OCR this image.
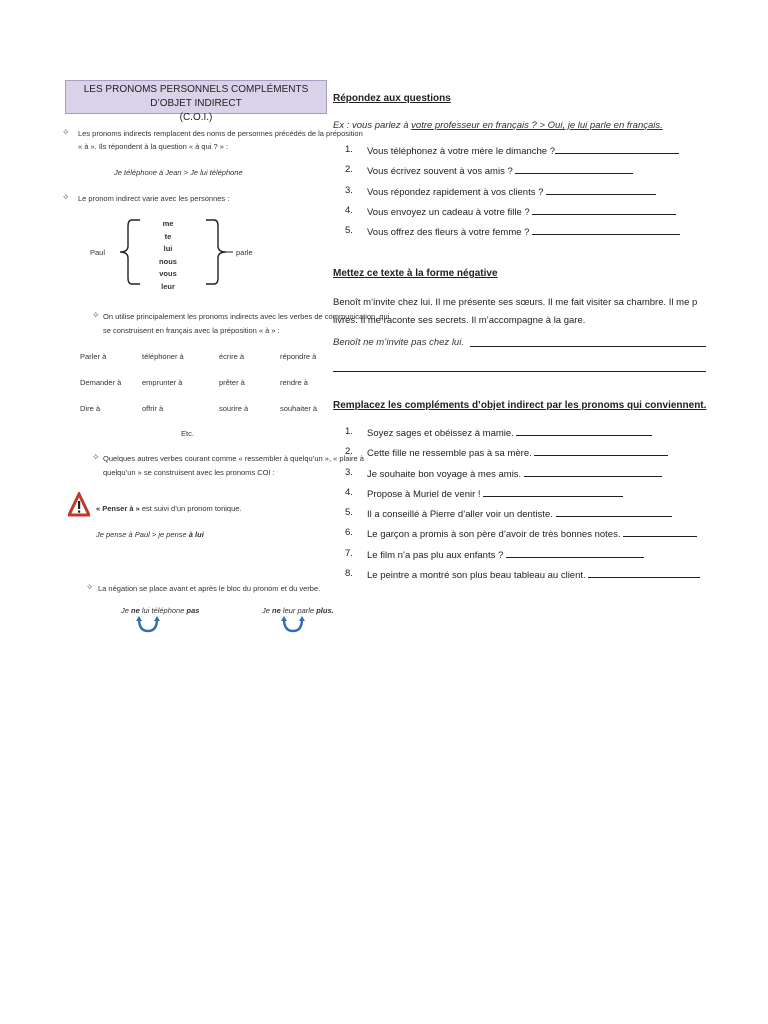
LES PRONOMS PERSONNELS COMPLÉMENTS D’OBJET INDIRECT
(C.O.I.)
✧ Les pronoms indirects remplacent des noms de personnes précédés de la préposition
« à ». Ils répondent à la question « à qui ? » :
Je téléphone à Jean > Je lui téléphone
✧ Le pronom indirect varie avec les personnes :
Paul
me
te
lui
nous
vous
leur
parle
✧ On utilise principalement les pronoms indirects avec les verbes de communication, qui
se construisent en français avec la préposition « à » :
Parler à	téléphoner à	écrire à	répondre à
Demander à	emprunter à	prêter à	rendre à
Dire à	offrir à	sourire à	souhaiter à
Etc.
✧ Quelques autres verbes courant comme « ressembler à quelqu’un », « plaire à
quelqu’un » se construisent avec les pronoms COI :
« Penser à » est suivi d’un pronom tonique.
Je pense à Paul > je pense à lui
✧ La négation se place avant et après le bloc du pronom et du verbe.
Je ne lui téléphone pas	Je ne leur parle plus.
Répondez aux questions
Ex : vous parlez à votre professeur en français ? > Oui, je lui parle en français.
1.	Vous téléphonez à votre mère le dimanche ?
2.	Vous écrivez souvent à vos amis ?
3.	Vous répondez rapidement à vos clients ?
4.	Vous envoyez un cadeau à votre fille ?
5.	Vous offrez des fleurs à votre femme ?
Mettez ce texte à la forme négative
Benoît m’invite chez lui. Il me présente ses sœurs. Il me fait visiter sa chambre. Il me p
livres. Il me raconte ses secrets. Il m’accompagne à la gare.
Benoît ne m’invite pas chez lui.
Remplacez les compléments d’objet indirect par les pronoms qui conviennent.
1.	Soyez sages et obéissez à mamie.
2.	Cette fille ne ressemble pas à sa mère.
3.	Je souhaite bon voyage à mes amis.
4.	Propose à Muriel de venir !
5.	Il a conseillé à Pierre d’aller voir un dentiste.
6.	Le garçon a promis à son père d’avoir de très bonnes notes.
7.	Le film n’a pas plu aux enfants ?
8.	Le peintre a montré son plus beau tableau au client.
